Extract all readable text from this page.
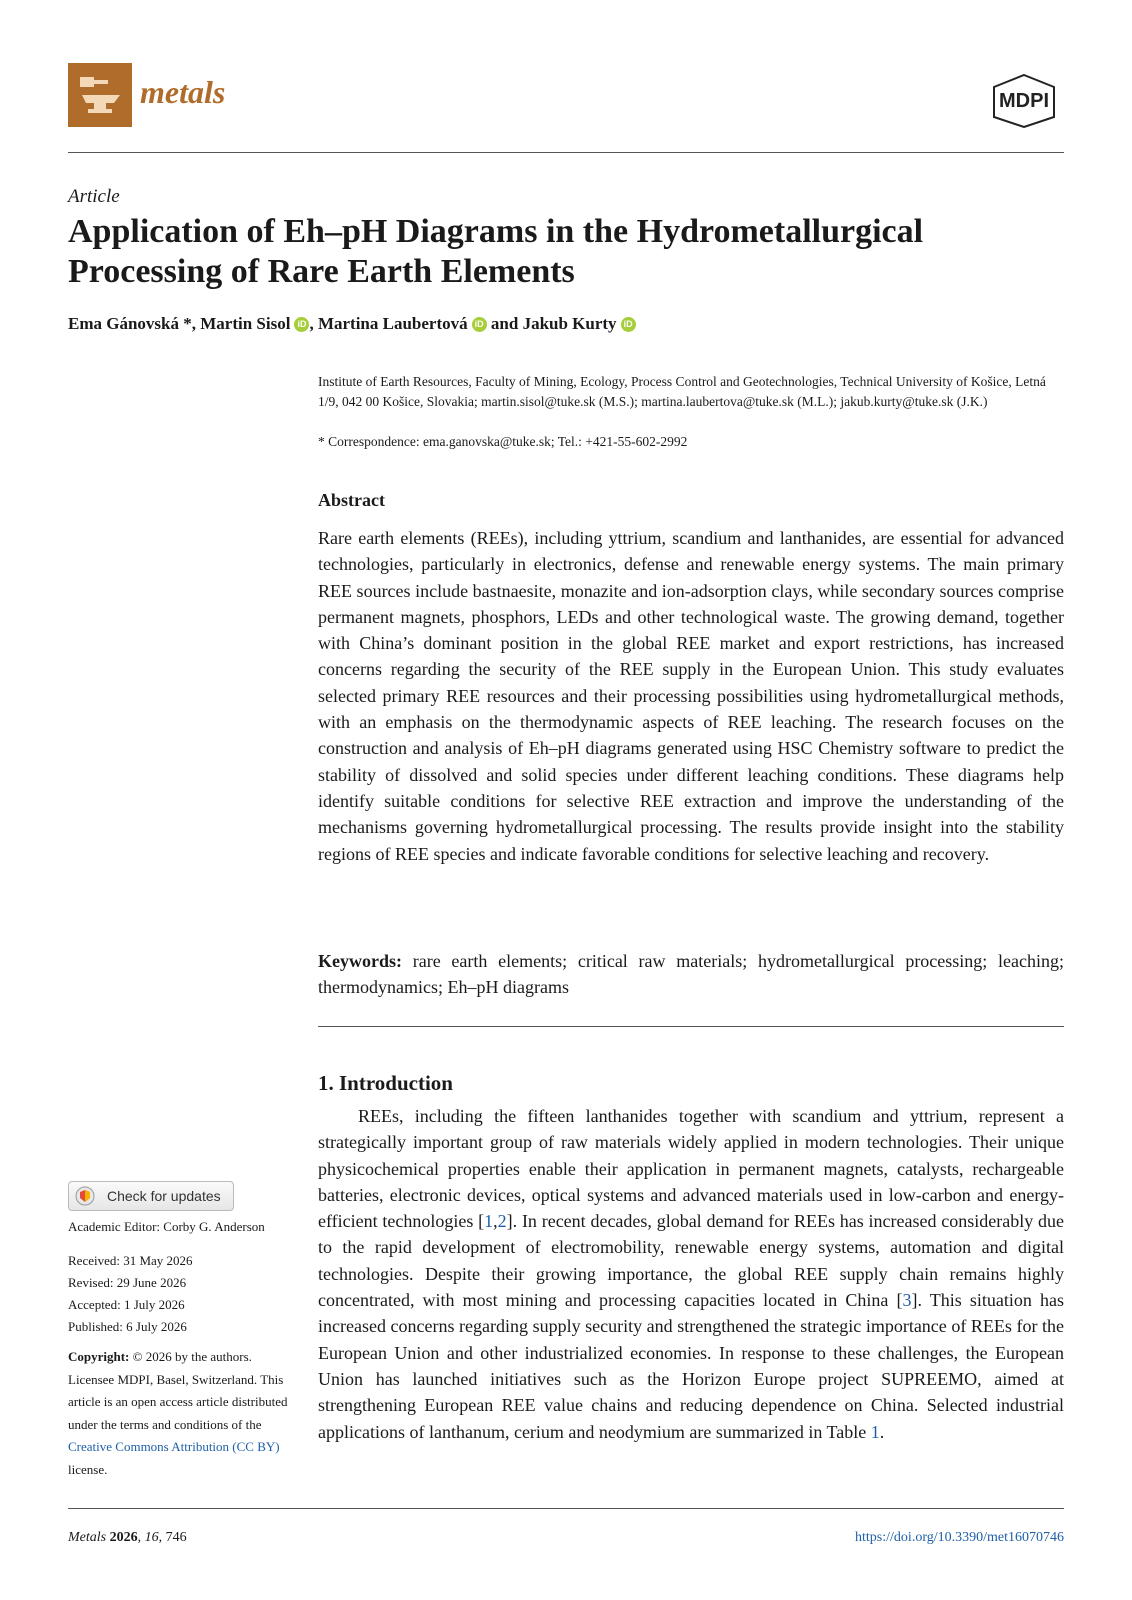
metals	MDPI
Article
Application of Eh–pH Diagrams in the Hydrometallurgical Processing of Rare Earth Elements
Ema Gánovská *, Martin Sisol iD , Martina Laubertová iD and Jakub Kurty iD
Institute of Earth Resources, Faculty of Mining, Ecology, Process Control and Geotechnologies, Technical University of Košice, Letná 1/9, 042 00 Košice, Slovakia; martin.sisol@tuke.sk (M.S.); martina.laubertova@tuke.sk (M.L.); jakub.kurty@tuke.sk (J.K.)
* Correspondence: ema.ganovska@tuke.sk; Tel.: +421-55-602-2992
Abstract
Rare earth elements (REEs), including yttrium, scandium and lanthanides, are essential for advanced technologies, particularly in electronics, defense and renewable energy systems. The main primary REE sources include bastnaesite, monazite and ion-adsorption clays, while secondary sources comprise permanent magnets, phosphors, LEDs and other technological waste. The growing demand, together with China’s dominant position in the global REE market and export restrictions, has increased concerns regarding the security of the REE supply in the European Union. This study evaluates selected primary REE resources and their processing possibilities using hydrometallurgical methods, with an emphasis on the thermodynamic aspects of REE leaching. The research focuses on the construction and analysis of Eh–pH diagrams generated using HSC Chemistry software to predict the stability of dissolved and solid species under different leaching conditions. These diagrams help identify suitable conditions for selective REE extraction and improve the understanding of the mechanisms governing hydrometallurgical processing. The results provide insight into the stability regions of REE species and indicate favorable conditions for selective leaching and recovery.
Keywords: rare earth elements; critical raw materials; hydrometallurgical processing; leaching; thermodynamics; Eh–pH diagrams
1. Introduction
REEs, including the fifteen lanthanides together with scandium and yttrium, represent a strategically important group of raw materials widely applied in modern technologies. Their unique physicochemical properties enable their application in permanent magnets, catalysts, rechargeable batteries, electronic devices, optical systems and advanced materials used in low-carbon and energy-efficient technologies [1,2]. In recent decades, global demand for REEs has increased considerably due to the rapid development of electromobility, renewable energy systems, automation and digital technologies. Despite their growing importance, the global REE supply chain remains highly concentrated, with most mining and processing capacities located in China [3]. This situation has increased concerns regarding supply security and strengthened the strategic importance of REEs for the European Union and other industrialized economies. In response to these challenges, the European Union has launched initiatives such as the Horizon Europe project SUPREEMO, aimed at strengthening European REE value chains and reducing dependence on China. Selected industrial applications of lanthanum, cerium and neodymium are summarized in Table 1.
Check for updates
Academic Editor: Corby G. Anderson
Received: 31 May 2026
Revised: 29 June 2026
Accepted: 1 July 2026
Published: 6 July 2026
Copyright: © 2026 by the authors. Licensee MDPI, Basel, Switzerland. This article is an open access article distributed under the terms and conditions of the Creative Commons Attribution (CC BY) license.
Metals 2026, 16, 746	https://doi.org/10.3390/met16070746
